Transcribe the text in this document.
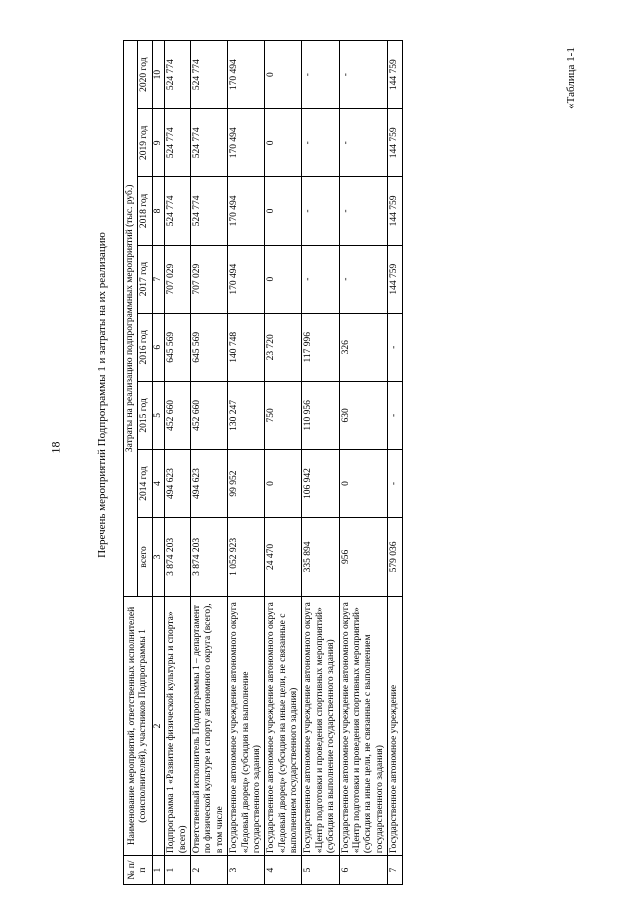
18
«Таблица 1-1
Перечень мероприятий Подпрограммы 1 и затраты на их реализацию
№ п/п	Наименование мероприятий, ответственных исполнителей (соисполнителей), участников Подпрограммы 1	Затраты на реализацию подпрограммных мероприятий (тыс. руб.)							
		всего	2014 год	2015 год	2016 год	2017 год	2018 год	2019 год	2020 год
1	2	3	4	5	6	7	8	9	10
1	Подпрограмма 1 «Развитие физической культуры и спорта» (всего)	3 874 203	494 623	452 660	645 569	707 029	524 774	524 774	524 774
2	Ответственный исполнитель Подпрограммы 1 – департамент по физической культуре и спорту автономного округа (всего), в том числе	3 874 203	494 623	452 660	645 569	707 029	524 774	524 774	524 774
3	Государственное автономное учреждение автономного округа «Ледовый дворец» (субсидия на выполнение государственного задания)	1 052 923	99 952	130 247	140 748	170 494	170 494	170 494	170 494
4	Государственное автономное учреждение автономного округа «Ледовый дворец» (субсидия на иные цели, не связанные с выполнением государственного задания)	24 470	0	750	23 720	0	0	0	0
5	Государственное автономное учреждение автономного округа «Центр подготовки и проведения спортивных мероприятий» (субсидия на выполнение государственного задания)	335 894	106 942	110 956	117 996	-	-	-	-
6	Государственное автономное учреждение автономного округа «Центр подготовки и проведения спортивных мероприятий» (субсидия на иные цели, не связанные с выполнением государственного задания)	956	0	630	326	-	-	-	-
7	Государственное автономное учреждение	579 036	-	-	-	144 759	144 759	144 759	144 759
